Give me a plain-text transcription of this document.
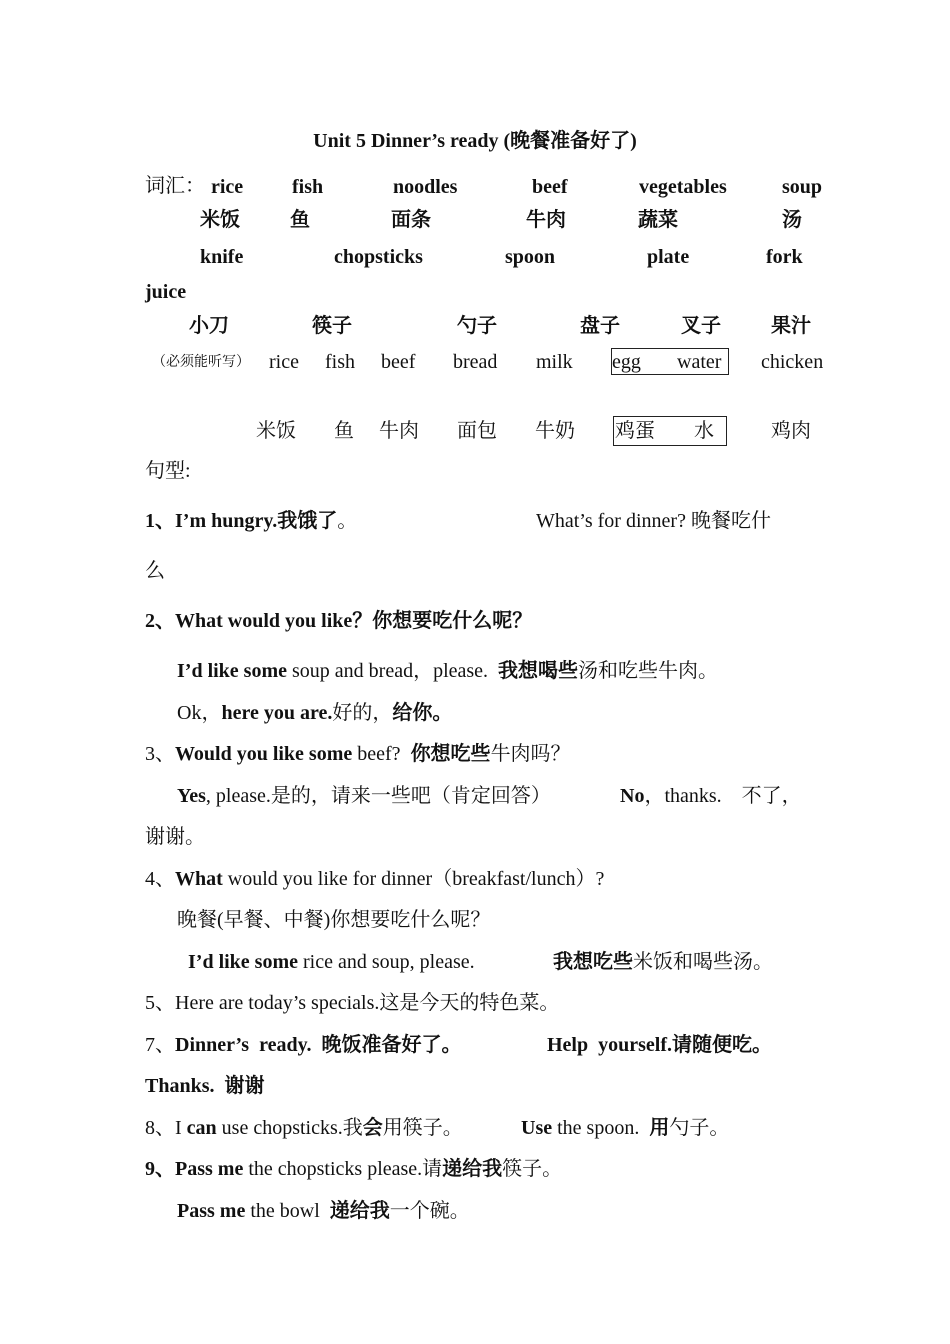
Unit 5 Dinner’s ready (晚餐准备好了)
词汇： rice fish	noodles	beef	vegetables	soup
米饭	鱼	面条	牛肉	蔬菜	汤
knife	chopsticks	spoon	plate	fork
juice
小刀	筷子	勺子	盘子	叉子	果汁
（必须能听写） rice fish beef bread milk egg water chicken
米饭 鱼 牛肉 面包 牛奶 鸡蛋 水	鸡肉
句型:
1、I’m hungry.我饿了。	What’s for dinner? 晚餐吃什
么
2、What would you like？你想要吃什么呢？
I’d like some soup and bread，please.  我想喝些汤和吃些牛肉。
Ok，here you are.好的，给你。
3、Would you like some beef?  你想吃些牛肉吗？
Yes, please.是的，请来一些吧（肯定回答）	No，thanks.    不了，
谢谢。
4、What would you like for dinner（breakfast/lunch）?
晚餐(早餐、中餐)你想要吃什么呢？
I’d like some rice and soup, please.	我想吃些米饭和喝些汤。
5、Here are today’s specials.这是今天的特色菜。
7、Dinner’s  ready.  晚饭准备好了。	Help  yourself.请随便吃。
Thanks.  谢谢
8、I can use chopsticks.我会用筷子。	Use the spoon.  用勺子。
9、Pass me the chopsticks please.请递给我筷子。
Pass me the bowl  递给我一个碗。
